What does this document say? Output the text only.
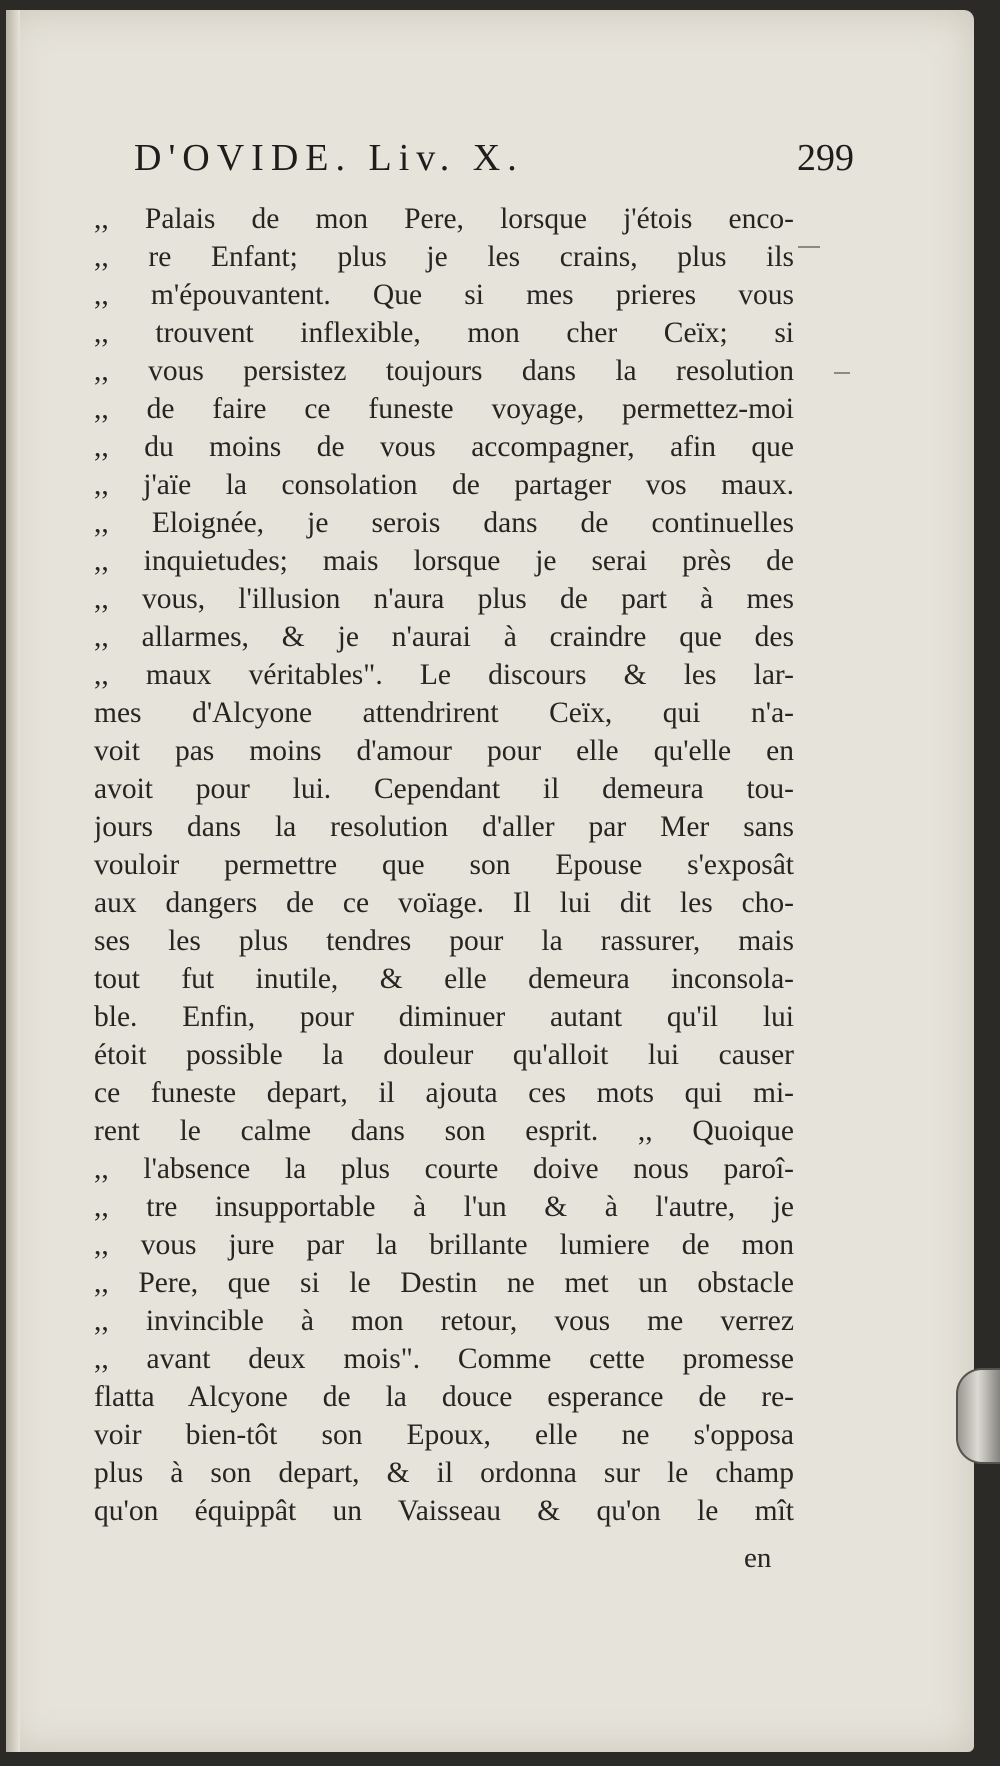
D'OVIDE. Liv. X.	299
,, Palais de mon Pere, lorsque j'étois enco-
,, re Enfant; plus je les crains, plus ils
,, m'épouvantent. Que si mes prieres vous
,, trouvent inflexible, mon cher Ceïx; si
,, vous persistez toujours dans la resolution
,, de faire ce funeste voyage, permettez-moi
,, du moins de vous accompagner, afin que
,, j'aïe la consolation de partager vos maux.
,, Eloignée, je serois dans de continuelles
,, inquietudes; mais lorsque je serai près de
,, vous, l'illusion n'aura plus de part à mes
,, allarmes, & je n'aurai à craindre que des
,, maux véritables". Le discours & les lar-
mes d'Alcyone attendrirent Ceïx, qui n'a-
voit pas moins d'amour pour elle qu'elle en
avoit pour lui. Cependant il demeura tou-
jours dans la resolution d'aller par Mer sans
vouloir permettre que son Epouse s'exposât
aux dangers de ce voïage. Il lui dit les cho-
ses les plus tendres pour la rassurer, mais
tout fut inutile, & elle demeura inconsola-
ble. Enfin, pour diminuer autant qu'il lui
étoit possible la douleur qu'alloit lui causer
ce funeste depart, il ajouta ces mots qui mi-
rent le calme dans son esprit. ,, Quoique
,, l'absence la plus courte doive nous paroî-
,, tre insupportable à l'un & à l'autre, je
,, vous jure par la brillante lumiere de mon
,, Pere, que si le Destin ne met un obstacle
,, invincible à mon retour, vous me verrez
,, avant deux mois". Comme cette promesse
flatta Alcyone de la douce esperance de re-
voir bien-tôt son Epoux, elle ne s'opposa
plus à son depart, & il ordonna sur le champ
qu'on équippât un Vaisseau & qu'on le mît
en
